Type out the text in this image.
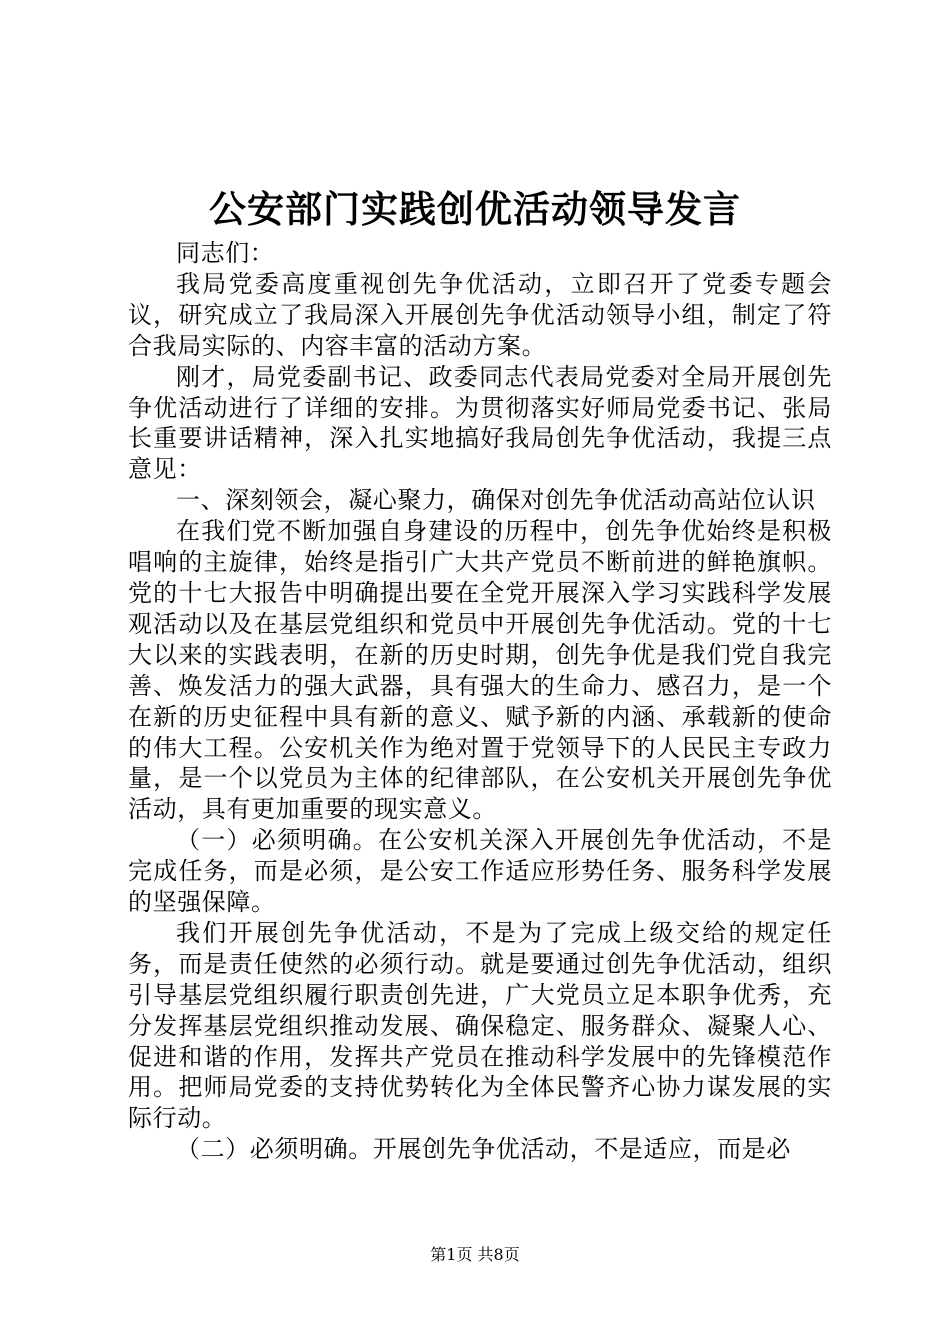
公安部门实践创优活动领导发言

同志们：

我局党委高度重视创先争优活动，立即召开了党委专题会议，研究成立了我局深入开展创先争优活动领导小组，制定了符合我局实际的、内容丰富的活动方案。

刚才，局党委副书记、政委同志代表局党委对全局开展创先争优活动进行了详细的安排。为贯彻落实好师局党委书记、张局长重要讲话精神，深入扎实地搞好我局创先争优活动，我提三点意见：

一、深刻领会，凝心聚力，确保对创先争优活动高站位认识

在我们党不断加强自身建设的历程中，创先争优始终是积极唱响的主旋律，始终是指引广大共产党员不断前进的鲜艳旗帜。党的十七大报告中明确提出要在全党开展深入学习实践科学发展观活动以及在基层党组织和党员中开展创先争优活动。党的十七大以来的实践表明，在新的历史时期，创先争优是我们党自我完善、焕发活力的强大武器，具有强大的生命力、感召力，是一个在新的历史征程中具有新的意义、赋予新的内涵、承载新的使命的伟大工程。公安机关作为绝对置于党领导下的人民民主专政力量，是一个以党员为主体的纪律部队，在公安机关开展创先争优活动，具有更加重要的现实意义。

（一）必须明确。在公安机关深入开展创先争优活动，不是完成任务，而是必须，是公安工作适应形势任务、服务科学发展的坚强保障。

我们开展创先争优活动，不是为了完成上级交给的规定任务，而是责任使然的必须行动。就是要通过创先争优活动，组织引导基层党组织履行职责创先进，广大党员立足本职争优秀，充分发挥基层党组织推动发展、确保稳定、服务群众、凝聚人心、促进和谐的作用，发挥共产党员在推动科学发展中的先锋模范作用。把师局党委的支持优势转化为全体民警齐心协力谋发展的实际行动。

（二）必须明确。开展创先争优活动，不是适应，而是必

第1页 共8页
